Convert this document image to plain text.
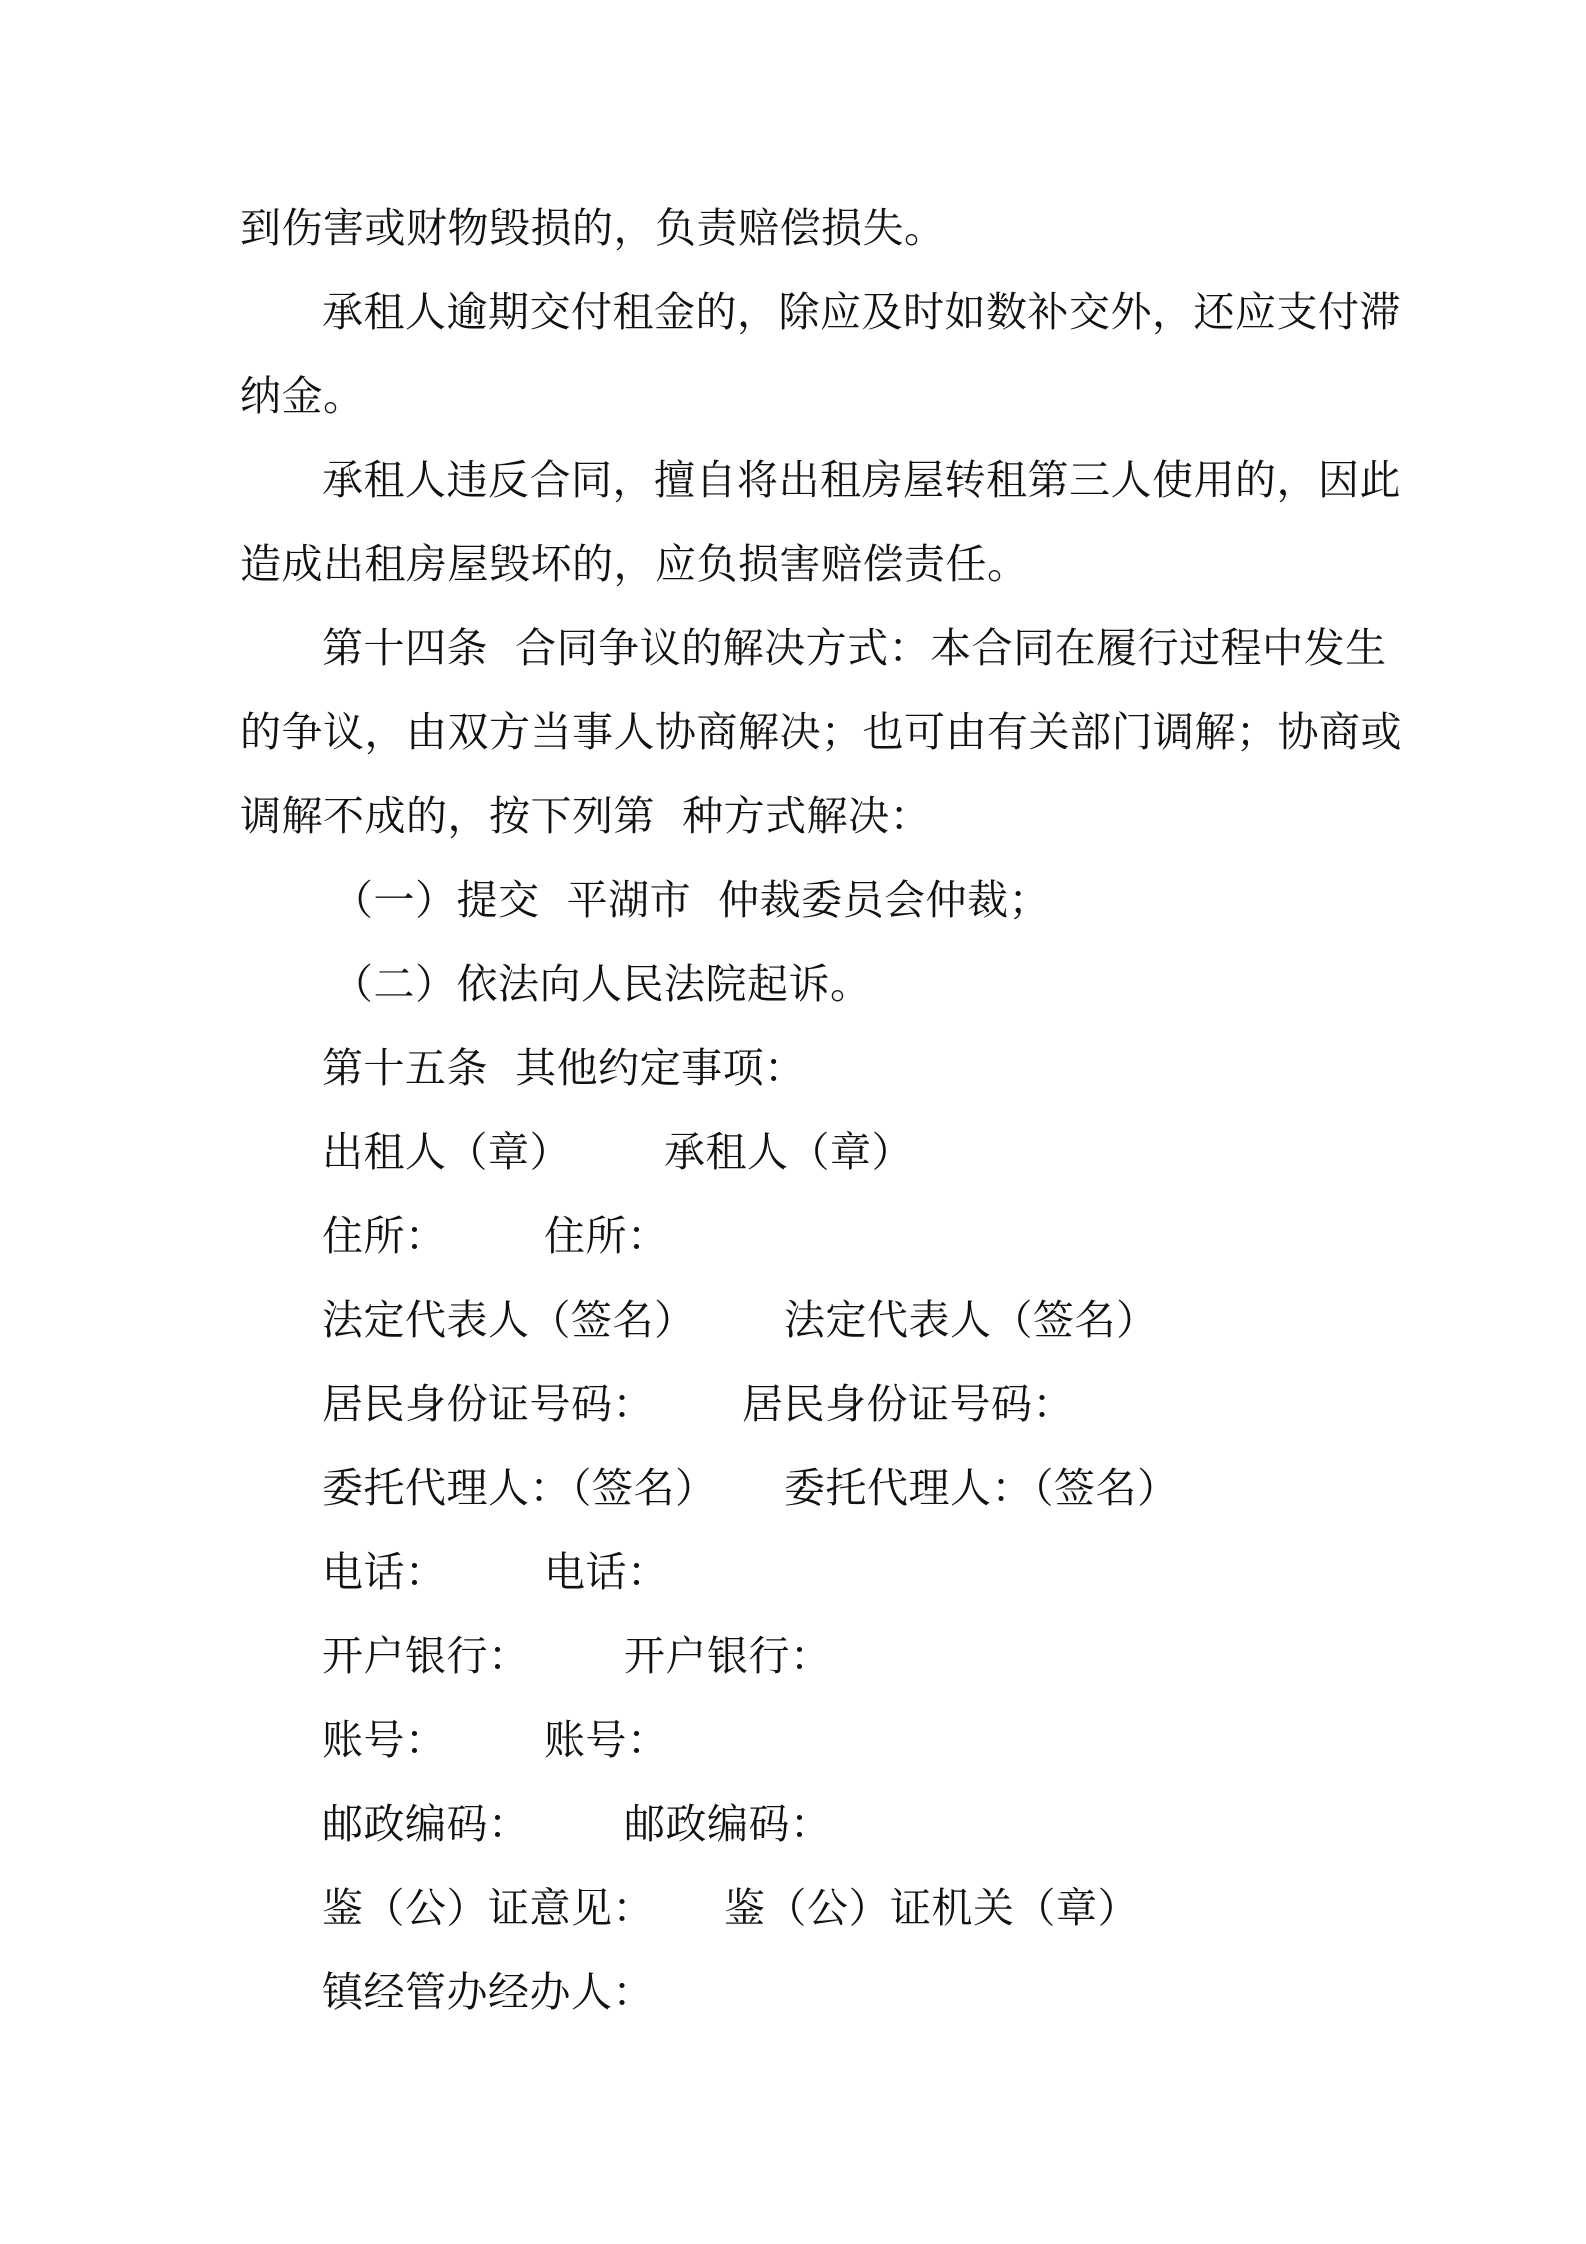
到伤害或财物毁损的，负责赔偿损失。
承租人逾期交付租金的，除应及时如数补交外，还应支付滞
纳金。
承租人违反合同，擅自将出租房屋转租第三人使用的，因此
造成出租房屋毁坏的，应负损害赔偿责任。
第十四条  合同争议的解决方式：本合同在履行过程中发生
的争议，由双方当事人协商解决；也可由有关部门调解；协商或
调解不成的，按下列第  种方式解决：
（一）提交  平湖市  仲裁委员会仲裁；
（二）依法向人民法院起诉。
第十五条  其他约定事项：
出租人（章） 承租人（章）
住所： 住所：
法定代表人（签名） 法定代表人（签名）
居民身份证号码： 居民身份证号码：
委托代理人：（签名） 委托代理人：（签名）
电话： 电话：
开户银行： 开户银行：
账号： 账号：
邮政编码： 邮政编码：
鉴（公）证意见： 鉴（公）证机关（章）
镇经管办经办人：
